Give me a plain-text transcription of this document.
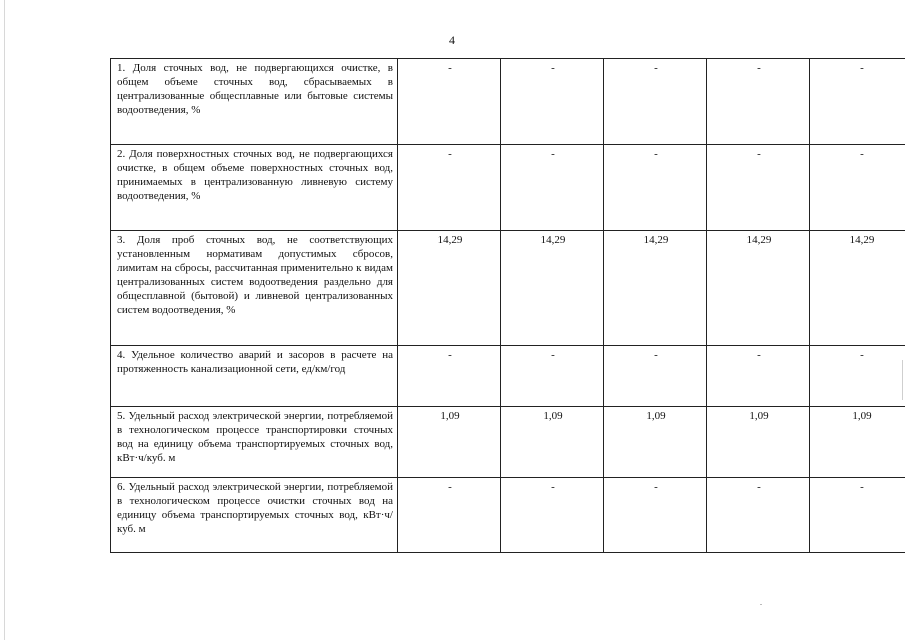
4
1. Доля сточных вод, не подвергающихся очистке, в общем объеме сточных вод, сбрасываемых в централизованные общесплавные или бытовые системы водоотведения, %	-	-	-	-	-
2. Доля поверхностных сточных вод, не подвергающихся очистке, в общем объеме поверхностных сточных вод, принимаемых в централизованную ливневую систему водоотведения, %	-	-	-	-	-
3. Доля проб сточных вод, не соответствующих установленным нормативам допустимых сбросов, лимитам на сбросы, рассчитанная применительно к видам централизованных систем водоотведения раздельно для общесплавной (бытовой) и ливневой централизованных систем водоотведения, %	14,29	14,29	14,29	14,29	14,29
4. Удельное количество аварий и засоров в расчете на протяженность канализационной сети, ед/км/год	-	-	-	-	-
5. Удельный расход электрической энергии, потребляемой в технологическом процессе транспортировки сточных вод на единицу объема транспортируемых сточных вод, кВт·ч/куб. м	1,09	1,09	1,09	1,09	1,09
6. Удельный расход электрической энергии, потребляемой в технологическом процессе очистки сточных вод на единицу объема транспортируемых сточных вод, кВт·ч/куб. м	-	-	-	-	-
